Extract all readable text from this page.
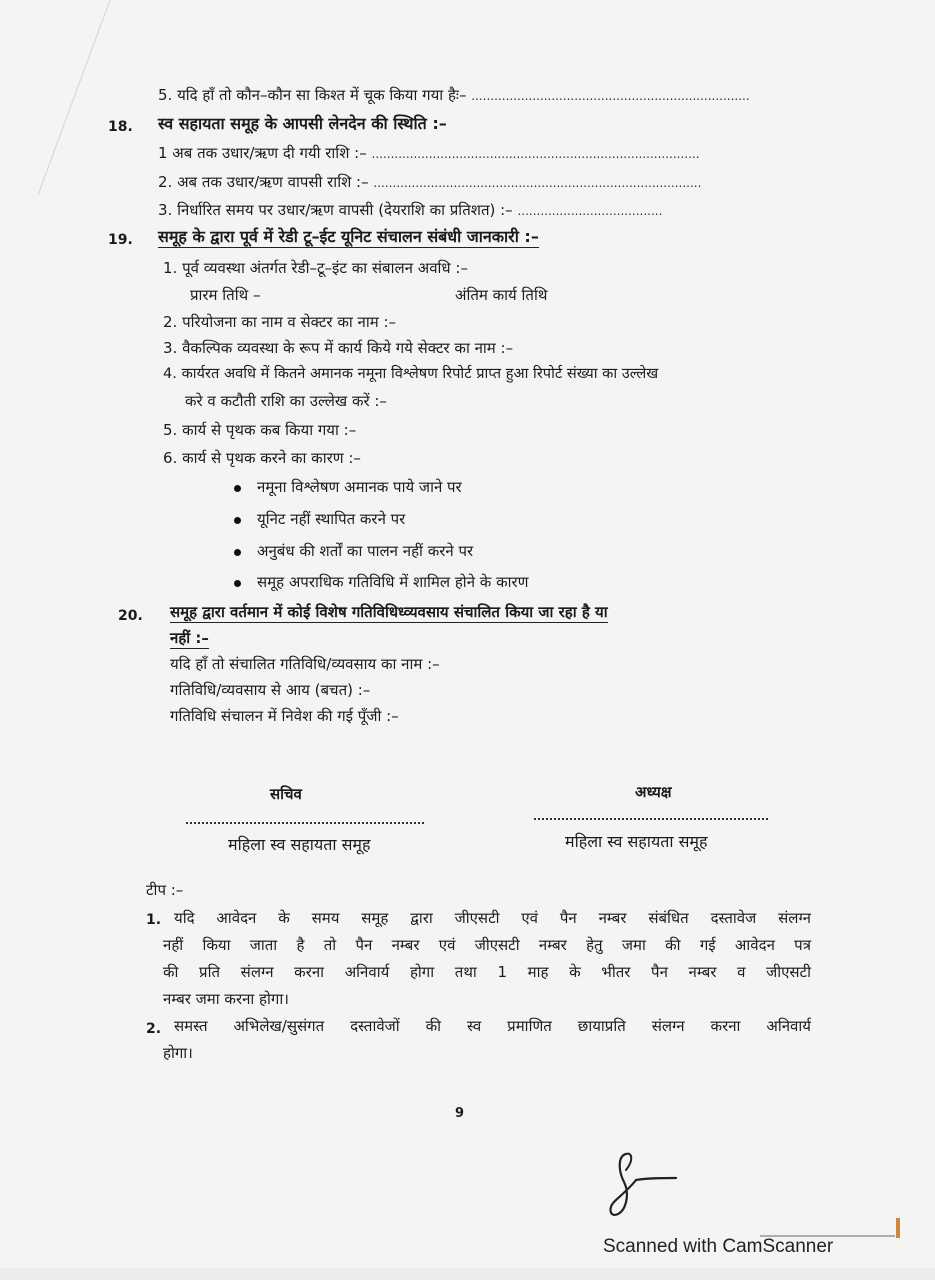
5. यदि हाँ तो कौन–कौन सा किश्त में चूक किया गया हैः– .........................................................................
18. स्व सहायता समूह के आपसी लेनदेन की स्थिति :–
1 अब तक उधार/ऋण दी गयी राशि :– ......................................................................................
2. अब तक उधार/ऋण वापसी राशि :– ......................................................................................
3. निर्धारित समय पर उधार/ऋण वापसी (देयराशि का प्रतिशत) :– ......................................
19. समूह के द्वारा पूर्व में रेडी टू–ईट यूनिट संचालन संबंधी जानकारी :–
1. पूर्व व्यवस्था अंतर्गत रेडी–टू–इंट का संबालन अवधि :–
प्रारम तिथि –	अंतिम कार्य तिथि
2. परियोजना का नाम व सेक्टर का नाम :–
3. वैकल्पिक व्यवस्था के रूप में कार्य किये गये सेक्टर का नाम :–
4. कार्यरत अवधि में कितने अमानक नमूना विश्लेषण रिपोर्ट प्राप्त हुआ रिपोर्ट संख्या का उल्लेख
करे व कटौती राशि का उल्लेख करें :–
5. कार्य से पृथक कब किया गया :–
6. कार्य से पृथक करने का कारण :–
नमूना विश्लेषण अमानक पाये जाने पर
यूनिट नहीं स्थापित करने पर
अनुबंध की शर्तों का पालन नहीं करने पर
समूह अपराधिक गतिविधि में शामिल होने के कारण
20. समूह द्वारा वर्तमान में कोई विशेष गतिविधिध्व्यवसाय संचालित किया जा रहा है या
नहीं :–
यदि हाँ तो संचालित गतिविधि/व्यवसाय का नाम :–
गतिविधि/व्यवसाय से आय (बचत) :–
गतिविधि संचालन में निवेश की गई पूँजी :–
सचिव
महिला स्व सहायता समूह
अध्यक्ष
महिला स्व सहायता समूह
टीप :–
1. यदि आवेदन के समय समूह द्वारा जीएसटी एवं पैन नम्बर संबंधित दस्तावेज संलग्न
नहीं किया जाता है तो पैन नम्बर एवं जीएसटी नम्बर हेतु जमा की गई आवेदन पत्र
की प्रति संलग्न करना अनिवार्य होगा तथा 1 माह के भीतर पैन नम्बर व जीएसटी
नम्बर जमा करना होगा।
2. समस्त अभिलेख/सुसंगत दस्तावेजों की स्व प्रमाणित छायाप्रति संलग्न करना अनिवार्य
होगा।
9
Scanned with CamScanner
